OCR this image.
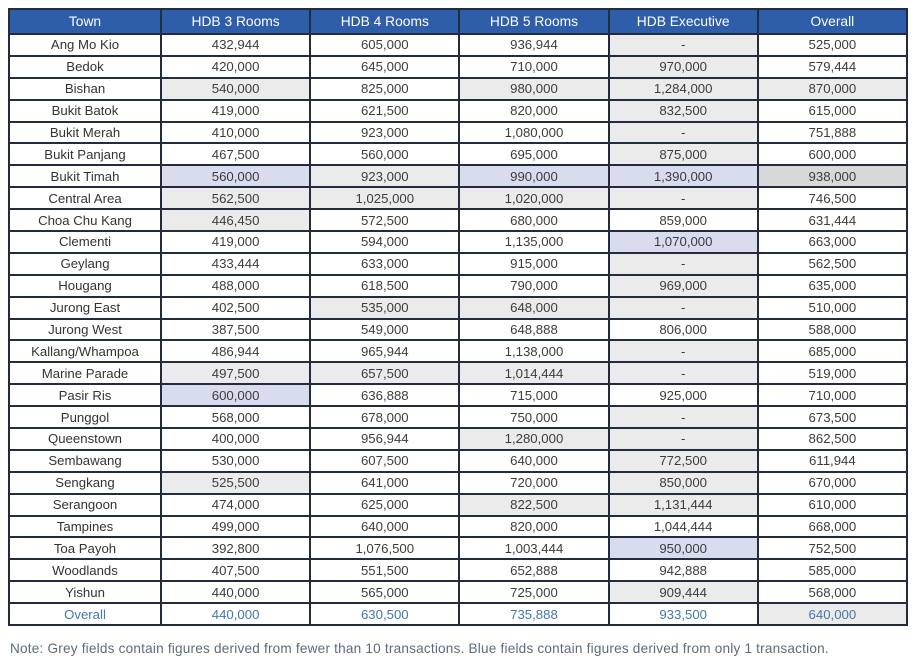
Town	HDB 3 Rooms	HDB 4 Rooms	HDB 5 Rooms	HDB Executive	Overall
Ang Mo Kio	432,944	605,000	936,944	-	525,000
Bedok	420,000	645,000	710,000	970,000	579,444
Bishan	540,000	825,000	980,000	1,284,000	870,000
Bukit Batok	419,000	621,500	820,000	832,500	615,000
Bukit Merah	410,000	923,000	1,080,000	-	751,888
Bukit Panjang	467,500	560,000	695,000	875,000	600,000
Bukit Timah	560,000	923,000	990,000	1,390,000	938,000
Central Area	562,500	1,025,000	1,020,000	-	746,500
Choa Chu Kang	446,450	572,500	680,000	859,000	631,444
Clementi	419,000	594,000	1,135,000	1,070,000	663,000
Geylang	433,444	633,000	915,000	-	562,500
Hougang	488,000	618,500	790,000	969,000	635,000
Jurong East	402,500	535,000	648,000	-	510,000
Jurong West	387,500	549,000	648,888	806,000	588,000
Kallang/Whampoa	486,944	965,944	1,138,000	-	685,000
Marine Parade	497,500	657,500	1,014,444	-	519,000
Pasir Ris	600,000	636,888	715,000	925,000	710,000
Punggol	568,000	678,000	750,000	-	673,500
Queenstown	400,000	956,944	1,280,000	-	862,500
Sembawang	530,000	607,500	640,000	772,500	611,944
Sengkang	525,500	641,000	720,000	850,000	670,000
Serangoon	474,000	625,000	822,500	1,131,444	610,000
Tampines	499,000	640,000	820,000	1,044,444	668,000
Toa Payoh	392,800	1,076,500	1,003,444	950,000	752,500
Woodlands	407,500	551,500	652,888	942,888	585,000
Yishun	440,000	565,000	725,000	909,444	568,000
Overall	440,000	630,500	735,888	933,500	640,000
Note: Grey fields contain figures derived from fewer than 10 transactions. Blue fields contain figures derived from only 1 transaction.
